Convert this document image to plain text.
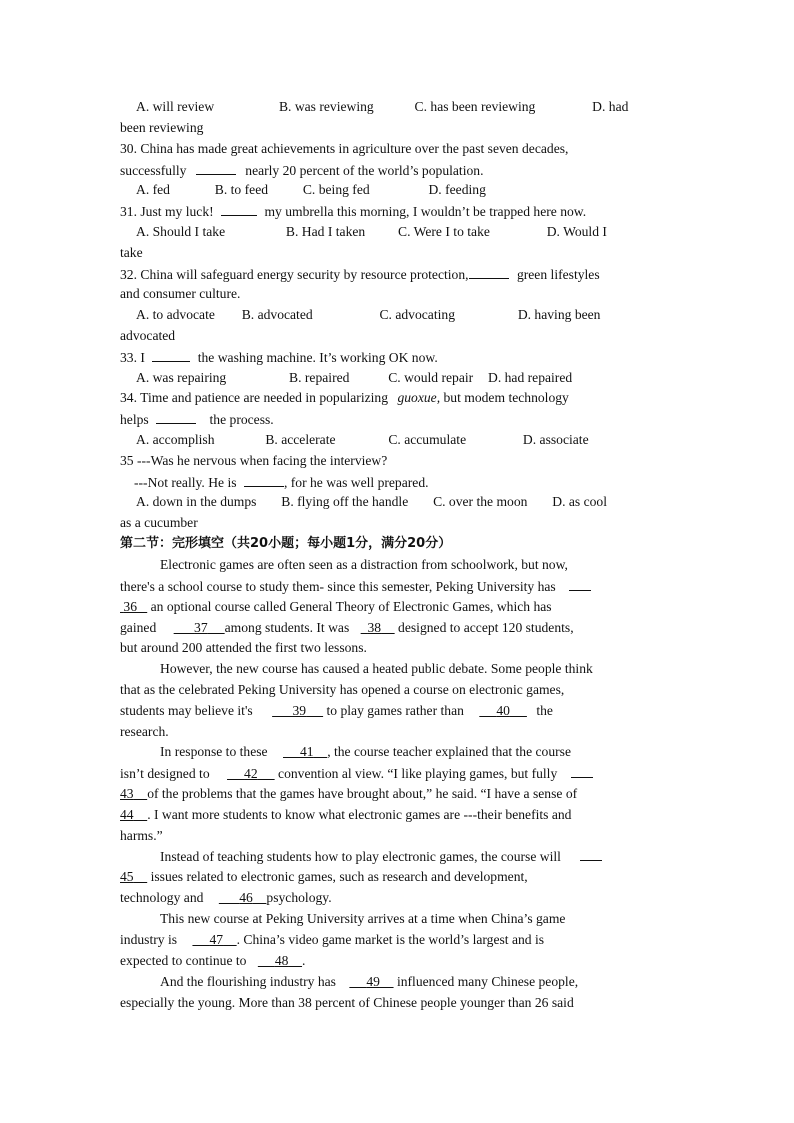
A. will review	B. was reviewing	C. has been reviewing	D. had
been reviewing
30. China has made great achievements in agriculture over the past seven decades,
successfully	nearly 20 percent of the world’s population.
A. fed	B. to feed	C. being fed	D. feeding
31. Just my luck!	my umbrella this morning, I wouldn’t be trapped here now.
A. Should I take	B. Had I taken C. Were I to take	D. Would I
take
32. China will safeguard energy security by resource protection,	green lifestyles
and consumer culture.
A. to advocate B. advocated	C. advocating	D. having been
advocated
33. I	the washing machine. It’s working OK now.
A. was repairing	B. repaired	C. would repair D. had repaired
34. Time and patience are needed in popularizing guoxue, but modem technology
helps	the process.
A. accomplish	B. accelerate	C. accumulate	D. associate
35 ---Was he nervous when facing the interview?
---Not really. He is	, for he was well prepared.
A. down in the dumps B. flying off the handle C. over the moon D. as cool
as a cucumber
第二节：完形填空（共20小题；每小题1分，满分20分）
Electronic games are often seen as a distraction from schoolwork, but now,
there's a school course to study them- since this semester, Peking University has
36 an optional course called General Theory of Electronic Games, which has
gained	37 among students. It was 38 designed to accept 120 students,
but around 200 attended the first two lessons.
However, the new course has caused a heated public debate. Some people think
that as the celebrated Peking University has opened a course on electronic games,
students may believe it's	39 to play games rather than 40 the
research.
In response to these 41 , the course teacher explained that the course
isn’t designed to	42 convention al view. “I like playing games, but fully
43 of the problems that the games have brought about,” he said. “I have a sense of
44 . I want more students to know what electronic games are ---their benefits and
harms.”
Instead of teaching students how to play electronic games, the course will
45 issues related to electronic games, such as research and development,
technology and	46 psychology.
This new course at Peking University arrives at a time when China’s game
industry is 47 . China’s video game market is the world’s largest and is
expected to continue to 48 .
And the flourishing industry has 49 influenced many Chinese people,
especially the young. More than 38 percent of Chinese people younger than 26 said
